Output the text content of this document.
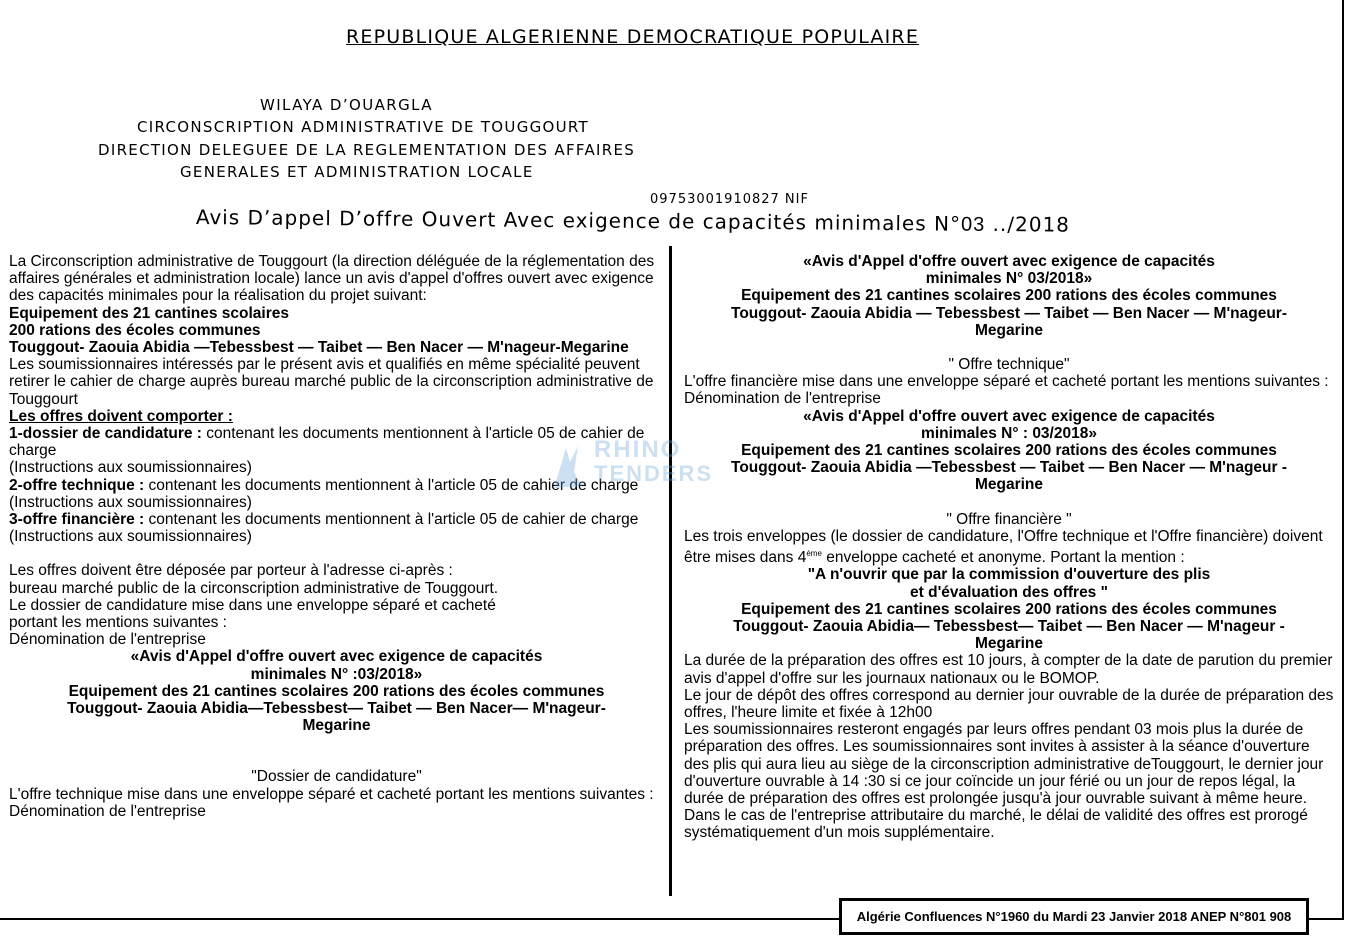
REPUBLIQUE ALGERIENNE DEMOCRATIQUE POPULAIRE
WILAYA D’OUARGLA
CIRCONSCRIPTION ADMINISTRATIVE DE TOUGGOURT
DIRECTION DELEGUEE DE LA REGLEMENTATION DES AFFAIRES
GENERALES ET ADMINISTRATION LOCALE
09753001910827 NIF
Avis D’appel D’offre Ouvert Avec exigence de capacités minimales N°03 ../2018

La Circonscription administrative de Touggourt (la direction déléguée de la réglementation des affaires générales et administration locale) lance un avis d'appel d'offres ouvert avec exigence des capacités minimales pour la réalisation du projet suivant:

Equipement des 21 cantines scolaires

200 rations des écoles communes

Touggout- Zaouia Abidia —Tebessbest — Taibet — Ben Nacer — M'nageur-Megarine

Les soumissionnaires intéressés par le présent avis et qualifiés en même spécialité peuvent retirer le cahier de charge auprès bureau marché public de la circonscription administrative de Touggourt

Les offres doivent comporter :

1-dossier de candidature : contenant les documents mentionnent à l'article 05 de cahier de charge

(Instructions aux soumissionnaires)

2-offre technique : contenant les documents mentionnent à l'article 05 de cahier de charge

(Instructions aux soumissionnaires)

3-offre financière : contenant les documents mentionnent à l'article 05 de cahier de charge

(Instructions aux soumissionnaires)

Les offres doivent être déposée par porteur à l'adresse ci-après :

bureau marché public de la circonscription administrative de Touggourt.

Le dossier de candidature mise dans une enveloppe séparé et cacheté

portant les mentions suivantes :

Dénomination de l'entreprise

«Avis d'Appel d'offre ouvert avec exigence de capacités

minimales N° :03/2018»

Equipement des 21 cantines scolaires 200 rations des écoles communes

Touggout- Zaouia Abidia—Tebessbest— Taibet — Ben Nacer— M'nageur-

Megarine

"Dossier de candidature"

L'offre technique mise dans une enveloppe séparé et cacheté portant les mentions suivantes :

Dénomination de l'entreprise

«Avis d'Appel d'offre ouvert avec exigence de capacités

minimales N° 03/2018»

Equipement des 21 cantines scolaires 200 rations des écoles communes

Touggout- Zaouia Abidia — Tebessbest — Taibet — Ben Nacer — M'nageur-

Megarine

" Offre technique"

L'offre financière mise dans une enveloppe séparé et cacheté portant les mentions suivantes :

Dénomination de l'entreprise

«Avis d'Appel d'offre ouvert avec exigence de capacités

minimales N° : 03/2018»

Equipement des 21 cantines scolaires 200 rations des écoles communes

Touggout- Zaouia Abidia —Tebessbest — Taibet — Ben Nacer — M'nageur -

Megarine

" Offre financière "

Les trois enveloppes (le dossier de candidature, l'Offre technique et l'Offre financière) doivent être mises dans 4ème enveloppe cacheté et anonyme. Portant la mention :

"A n'ouvrir que par la commission d'ouverture des plis

et d'évaluation des offres "

Equipement des 21 cantines scolaires 200 rations des écoles communes

Touggout- Zaouia Abidia— Tebessbest— Taibet — Ben Nacer — M'nageur -

Megarine

La durée de la préparation des offres est 10 jours, à compter de la date de parution du premier avis d'appel d'offre sur les journaux nationaux ou le BOMOP.

Le jour de dépôt des offres correspond au dernier jour ouvrable de la durée de préparation des offres, l'heure limite et fixée à 12h00

Les soumissionnaires resteront engagés par leurs offres pendant 03 mois plus la durée de préparation des offres. Les soumissionnaires sont invites à assister à la séance d'ouverture des plis qui aura lieu au siège de la circonscription administrative deTouggourt, le dernier jour d'ouverture ouvrable à 14 :30 si ce jour coïncide un jour férié ou un jour de repos légal, la durée de préparation des offres est prolongée jusqu'à jour ouvrable suivant à même heure. Dans le cas de l'entreprise attributaire du marché, le délai de validité des offres est prorogé systématiquement d'un mois supplémentaire.

RHINO
TENDERS
Algérie Confluences N°1960 du Mardi 23 Janvier 2018 ANEP N°801 908
